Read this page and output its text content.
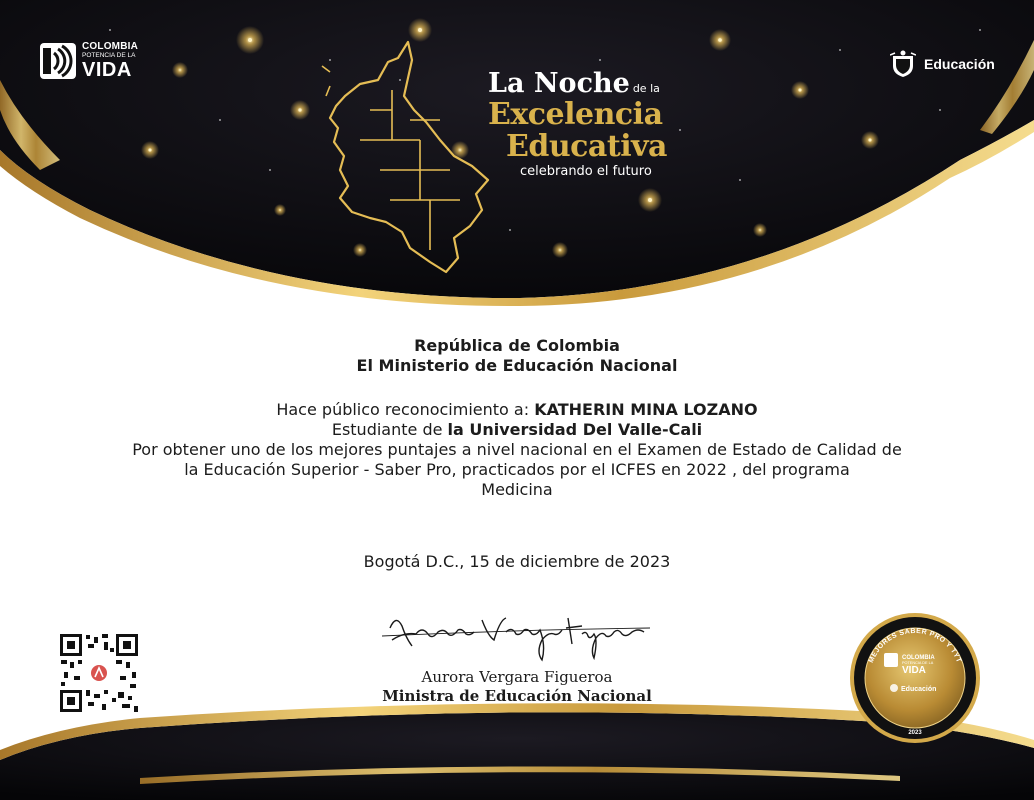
COLOMBIA
POTENCIA DE LA
VIDA	Educación
La Noche de la
Excelencia
Educativa
celebrando el futuro
República de Colombia
El Ministerio de Educación Nacional
Hace público reconocimiento a: KATHERIN MINA LOZANO
Estudiante de la Universidad Del Valle-Cali
Por obtener uno de los mejores puntajes a nivel nacional en el Examen de Estado de Calidad de
la Educación Superior - Saber Pro, practicados por el ICFES en 2022 , del programa
Medicina
Bogotá D.C., 15 de diciembre de 2023
Aurora Vergara Figueroa
Ministra de Educación Nacional
MEJORES SABER PRO Y TYT
COLOMBIA
POTENCIA DE LA
VIDA
Educación
2023
